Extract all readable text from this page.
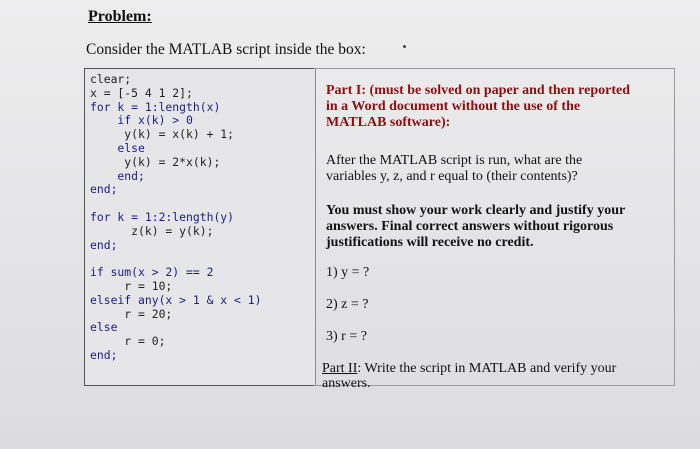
Problem:
Consider the MATLAB script inside the box:
clear;
x = [-5 4 1 2];
for k = 1:length(x)
if x(k) > 0
y(k) = x(k) + 1;
else
y(k) = 2*x(k);
end;
end;
for k = 1:2:length(y)
z(k) = y(k);
end;
if sum(x > 2) == 2
r = 10;
elseif any(x > 1 & x < 1)
r = 20;
else
r = 0;
end;
Part I: (must be solved on paper and then reported
in a Word document without the use of the
MATLAB software):
After the MATLAB script is run, what are the
variables y, z, and r equal to (their contents)?
You must show your work clearly and justify your
answers. Final correct answers without rigorous
justifications will receive no credit.
1) y = ?
2) z = ?
3) r = ?
Part II: Write the script in MATLAB and verify your
answers.
